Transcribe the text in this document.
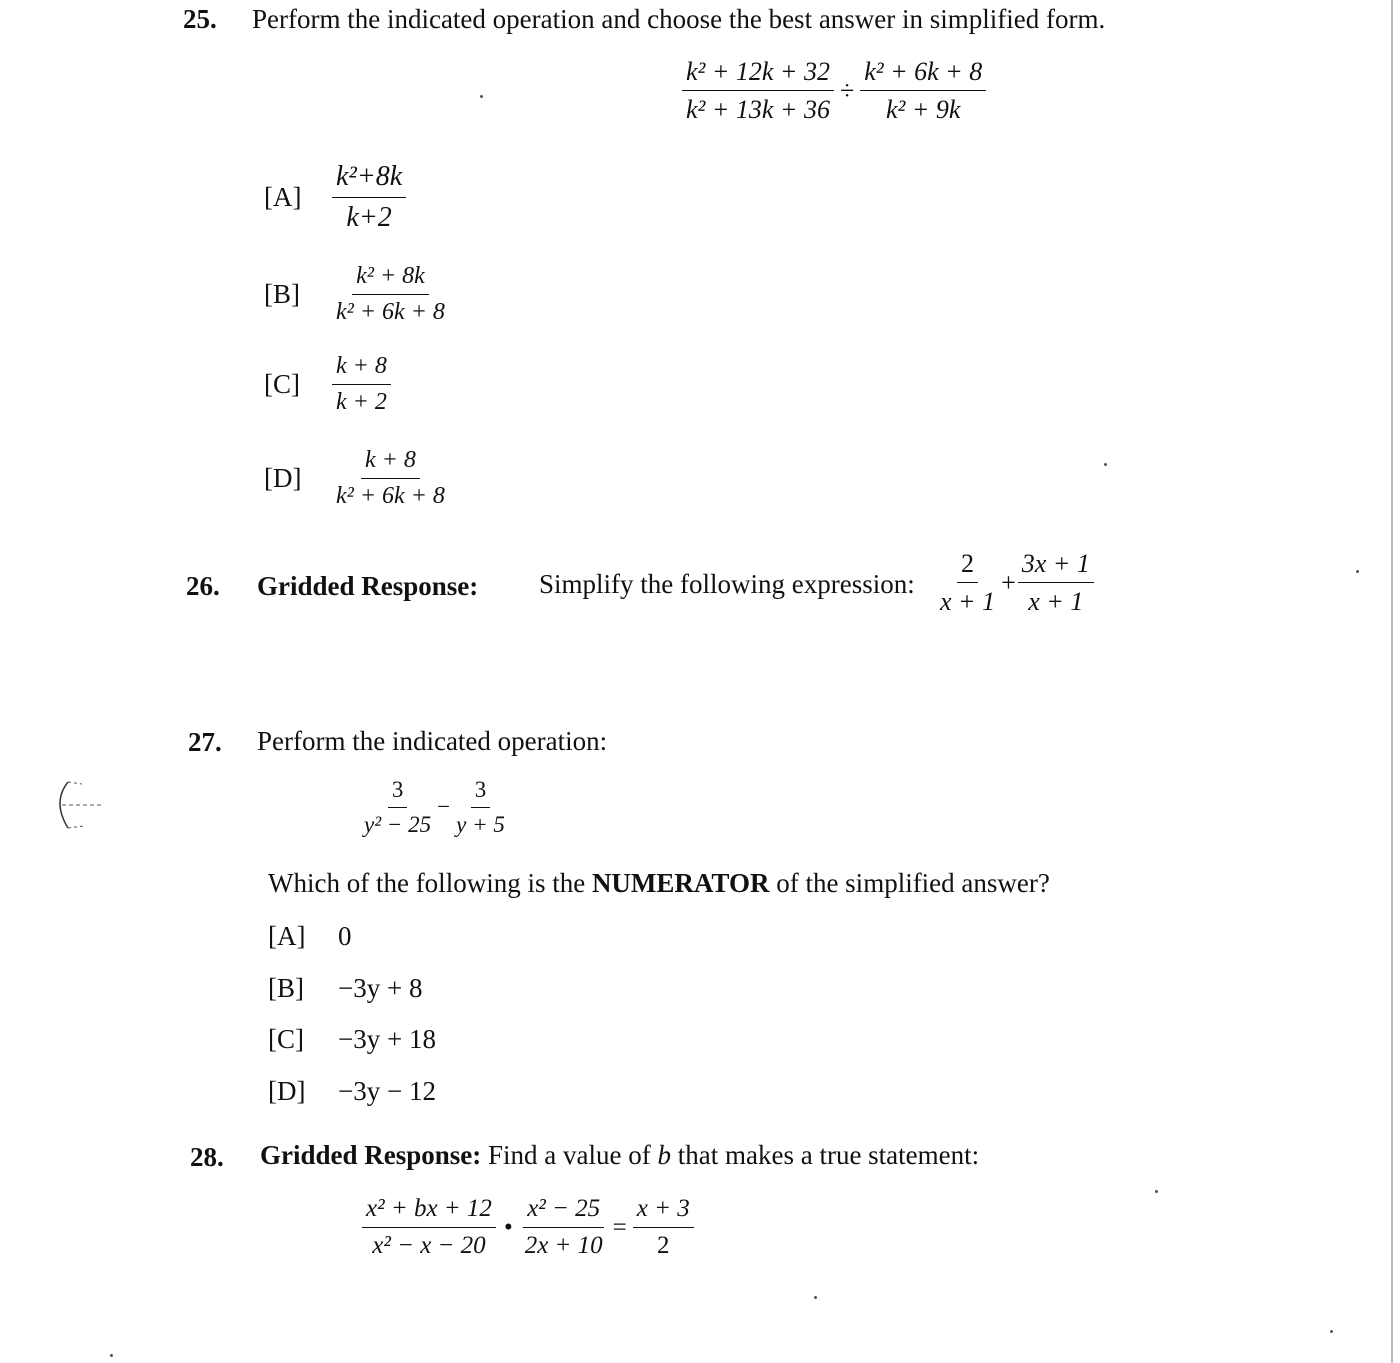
25. Perform the indicated operation and choose the best answer in simplified form.
$\frac{\text{k² + 12k + 32}}{\text{k² + 13k + 36}} \div \frac{\text{k² + 6k + 8}}{\text{k² + 9k}}$
$[A] \frac{\text{k²+8k}}{k+2}$
$[B] \frac{\text{k² + 8k}}{\text{k² + 6k + 8}}$
$[C] \frac{k + 8}{k + 2}$
$[D] \frac{k + 8}{\text{k² + 6k + 8}}$
26. Gridded Response: Simplify the following expression: $\frac{2}{x + 1} + \frac{3x + 1}{x + 1}$
27. Perform the indicated operation:
$\frac{3}{\text{y² − 25}} - \frac{3}{y + 5}$
Which of the following is the NUMERATOR of the simplified answer?
[A] 0
[B] −3y + 8
[C] −3y + 18
[D] −3y − 12
28. Gridded Response: Find a value of b that makes a true statement:
$\frac{\text{x² + bx + 12}}{\text{x² − x − 20}}$ • $\frac{\text{x² − 25}}{2x + 10} = \frac{x + 3}{2}$
